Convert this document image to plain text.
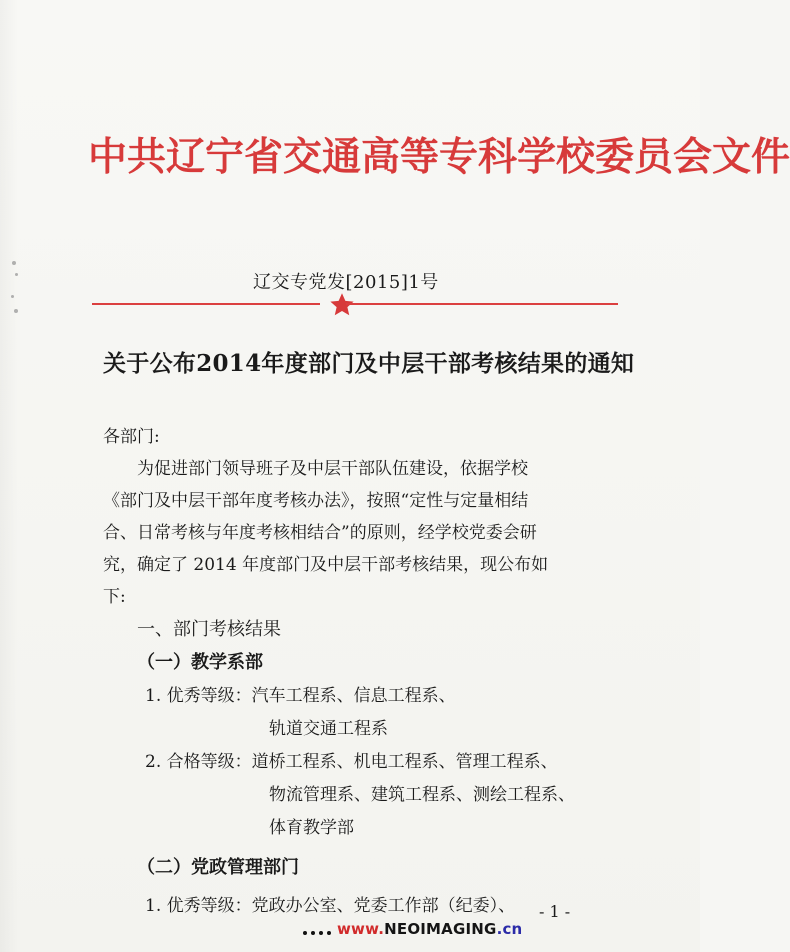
中共辽宁省交通高等专科学校委员会文件
辽交专党发[2015]1号
关于公布2014年度部门及中层干部考核结果的通知
各部门:
为促进部门领导班子及中层干部队伍建设，依据学校
《部门及中层干部年度考核办法》，按照“定性与定量相结
合、日常考核与年度考核相结合”的原则，经学校党委会研
究，确定了 2014 年度部门及中层干部考核结果，现公布如
下:
一、部门考核结果
（一）教学系部
1. 优秀等级：汽车工程系、信息工程系、
轨道交通工程系
2. 合格等级：道桥工程系、机电工程系、管理工程系、
物流管理系、建筑工程系、测绘工程系、
体育教学部
（二）党政管理部门
1. 优秀等级：党政办公室、党委工作部（纪委）、 - 1 -
www.NEOIMAGING.cn
